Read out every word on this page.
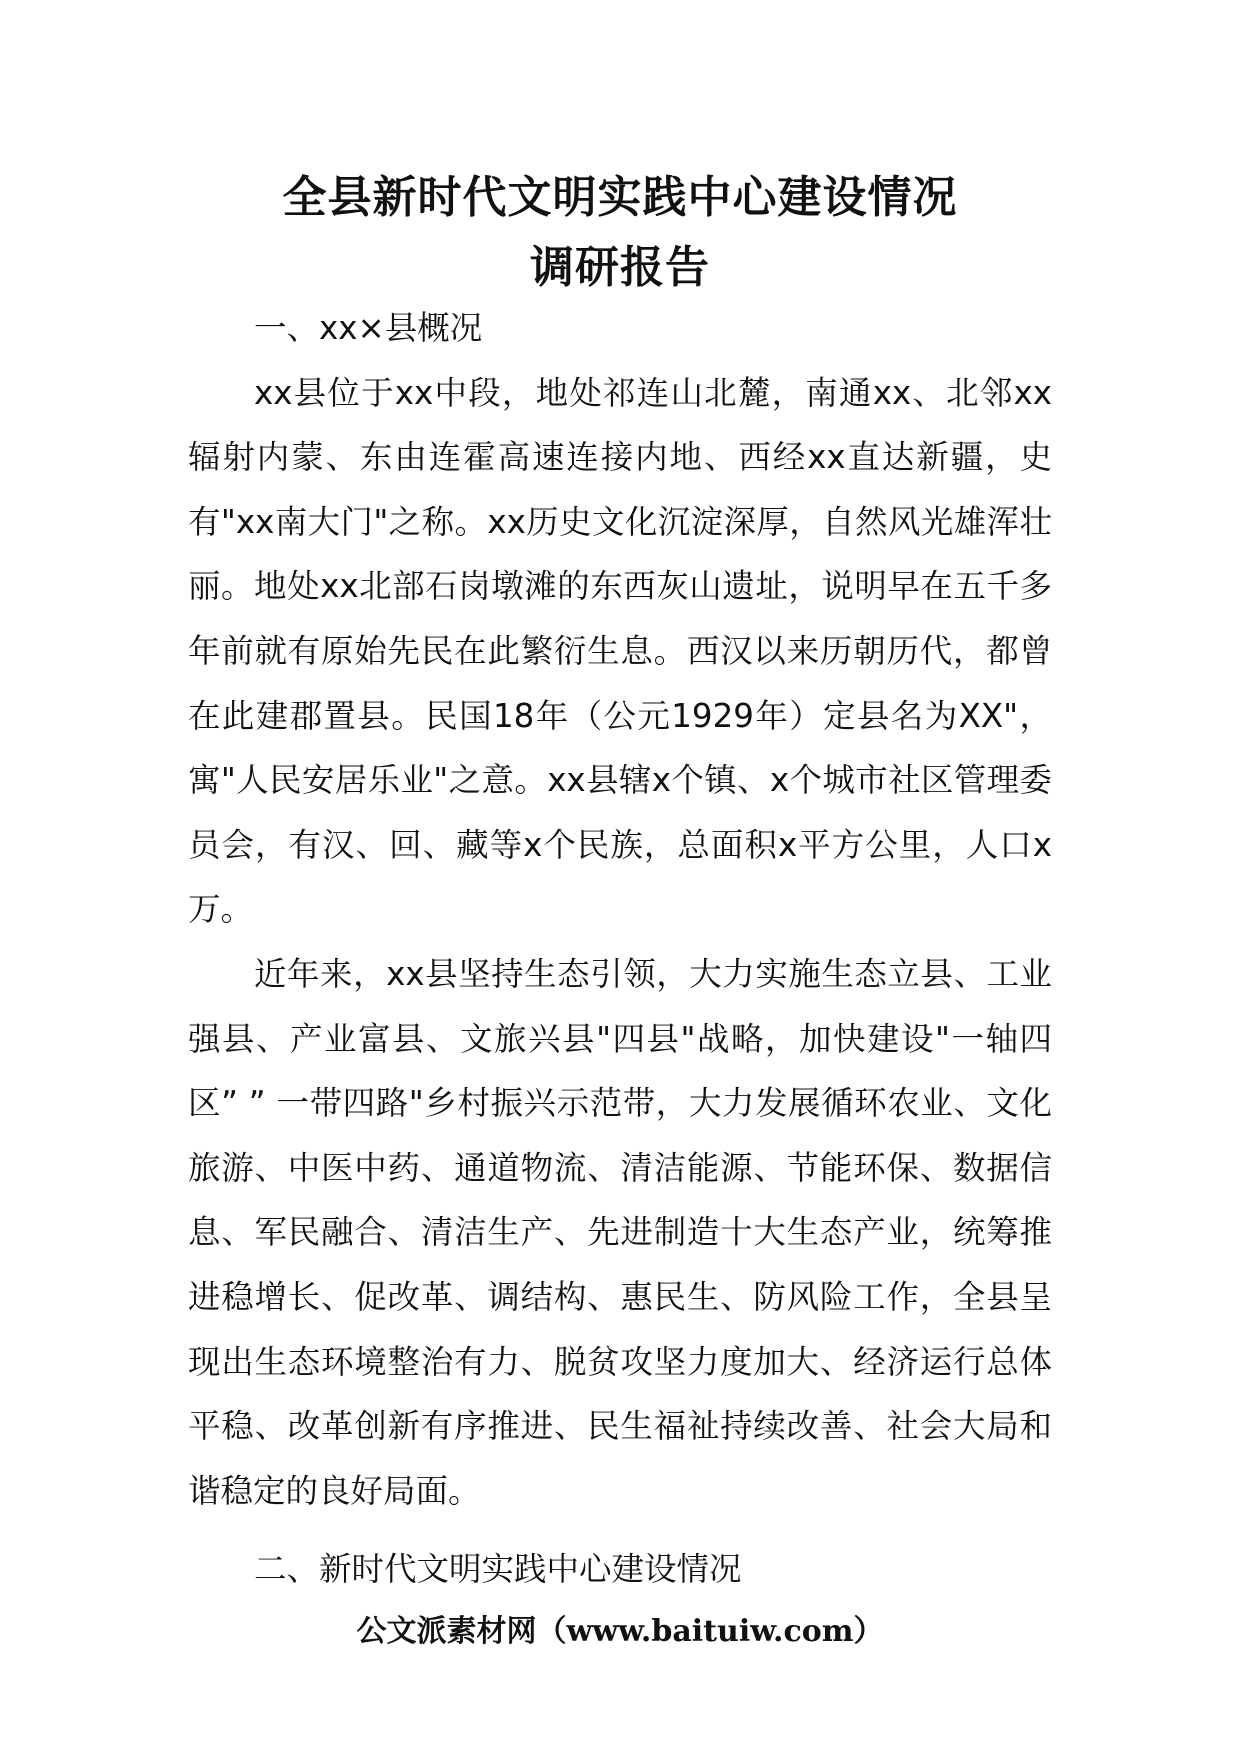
全县新时代文明实践中心建设情况
调研报告
一、xx×县概况

xx县位于xx中段，地处祁连山北麓，南通xx、北邻xx辐射内蒙、东由连霍高速连接内地、西经xx直达新疆，史有"xx南大门"之称。xx历史文化沉淀深厚，自然风光雄浑壮丽。地处xx北部石岗墩滩的东西灰山遗址，说明早在五千多年前就有原始先民在此繁衍生息。西汉以来历朝历代，都曾在此建郡置县。民国18年（公元1929年）定县名为XX"，寓"人民安居乐业"之意。xx县辖x个镇、x个城市社区管理委员会，有汉、回、藏等x个民族，总面积x平方公里，人口x万。

近年来，xx县坚持生态引领，大力实施生态立县、工业强县、产业富县、文旅兴县"四县"战略，加快建设"一轴四区” ” 一带四路"乡村振兴示范带，大力发展循环农业、文化旅游、中医中药、通道物流、清洁能源、节能环保、数据信息、军民融合、清洁生产、先进制造十大生态产业，统筹推进稳增长、促改革、调结构、惠民生、防风险工作，全县呈现出生态环境整治有力、脱贫攻坚力度加大、经济运行总体平稳、改革创新有序推进、民生福祉持续改善、社会大局和谐稳定的良好局面。

二、新时代文明实践中心建设情况
公文派素材网（www.baituiw.com）
